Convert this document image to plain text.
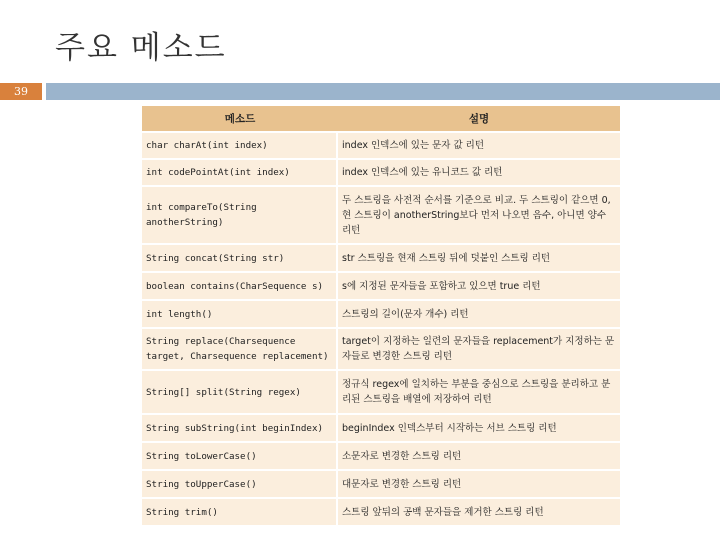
주요 메소드
39
메소드	설명
char charAt(int index)	index 인덱스에 있는 문자 값 리턴
int codePointAt(int index)	index 인덱스에 있는 유니코드 값 리턴
int compareTo(String anotherString)	두 스트링을 사전적 순서를 기준으로 비교. 두 스트링이 같으면 0, 현 스트링이 anotherString보다 먼저 나오면 음수, 아니면 양수 리턴
String concat(String str)	str 스트링을 현재 스트링 뒤에 덧붙인 스트링 리턴
boolean contains(CharSequence s)	s에 지정된 문자들을 포함하고 있으면 true 리턴
int length()	스트링의 길이(문자 개수) 리턴
String replace(Charsequence target, Charsequence replacement)	target이 지정하는 일련의 문자들을 replacement가 지정하는 문자들로 변경한 스트링 리턴
String[] split(String regex)	정규식 regex에 일치하는 부분을 중심으로 스트링을 분리하고 분리된 스트링을 배열에 저장하여 리턴
String subString(int beginIndex)	beginIndex 인덱스부터 시작하는 서브 스트링 리턴
String toLowerCase()	소문자로 변경한 스트링 리턴
String toUpperCase()	대문자로 변경한 스트링 리턴
String trim()	스트링 앞뒤의 공백 문자들을 제거한 스트링 리턴
